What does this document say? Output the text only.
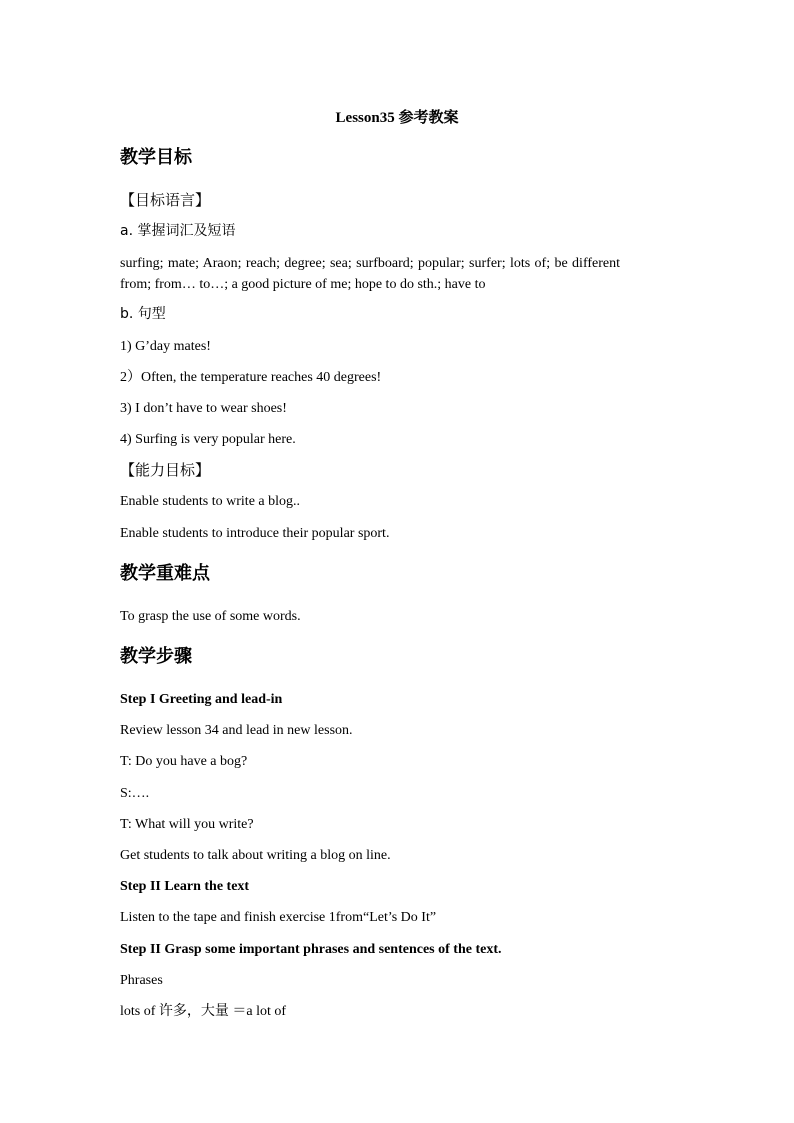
Lesson35 参考教案
教学目标
【目标语言】
a. 掌握词汇及短语
surfing; mate; Araon; reach; degree; sea; surfboard; popular; surfer; lots of; be different from; from… to…; a good picture of me; hope to do sth.; have to
b. 句型
1) G’day mates!
2）Often, the temperature reaches 40 degrees!
3) I don’t have to wear shoes!
4) Surfing is very popular here.
【能力目标】
Enable students to write a blog..
Enable students to introduce their popular sport.
教学重难点
To grasp the use of some words.
教学步骤
Step I Greeting and lead-in
Review lesson 34 and lead in new lesson.
T: Do you have a bog?
S:….
T: What will you write?
Get students to talk about writing a blog on line.
Step II Learn the text
Listen to the tape and finish exercise 1from“Let’s Do It”
Step II Grasp some important phrases and sentences of the text.
Phrases
lots of 许多，大量 ＝a lot of
